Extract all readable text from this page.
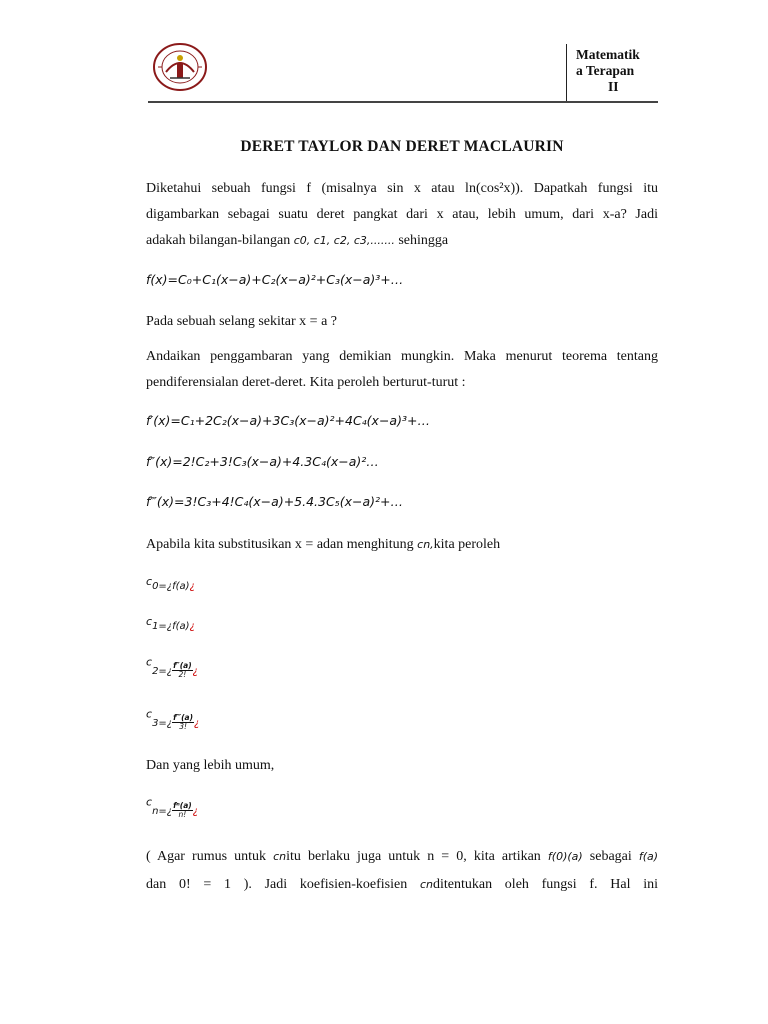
Matematik
a Terapan
II
DERET TAYLOR DAN DERET MACLAURIN
Diketahui sebuah fungsi f (misalnya sin x atau ln(cos²x)). Dapatkah fungsi itu
digambarkan sebagai suatu deret pangkat dari x atau, lebih umum, dari x-a? Jadi
adakah bilangan-bilangan c0, c1, c2, c3,....... sehingga
f(x)=C₀+C₁(x−a)+C₂(x−a)²+C₃(x−a)³+…
Pada sebuah selang sekitar x = a ?
Andaikan penggambaran yang demikian mungkin. Maka menurut teorema tentang
pendiferensialan deret-deret. Kita peroleh berturut-turut :
f′(x)=C₁+2C₂(x−a)+3C₃(x−a)²+4C₄(x−a)³+…
f″(x)=2!C₂+3!C₃(x−a)+4.3C₄(x−a)²…
f‴(x)=3!C₃+4!C₄(x−a)+5.4.3C₅(x−a)²+…
Apabila kita substitusikan x = adan menghitung cn,kita peroleh
c0=¿f(a)¿
c1=¿f(a)¿
c2=¿ $\frac{f''(a)}{2!}$ ¿
c3=¿ $\frac{f‴(a)}{3!}$ ¿
Dan yang lebih umum,
cn=¿ $\frac{\text{fⁿ(a)}}{n!}$ ¿
( Agar rumus untuk cnitu berlaku juga untuk n = 0, kita artikan f(0)(a) sebagai f(a)
dan 0! = 1 ). Jadi koefisien-koefisien cnditentukan oleh fungsi f. Hal ini
